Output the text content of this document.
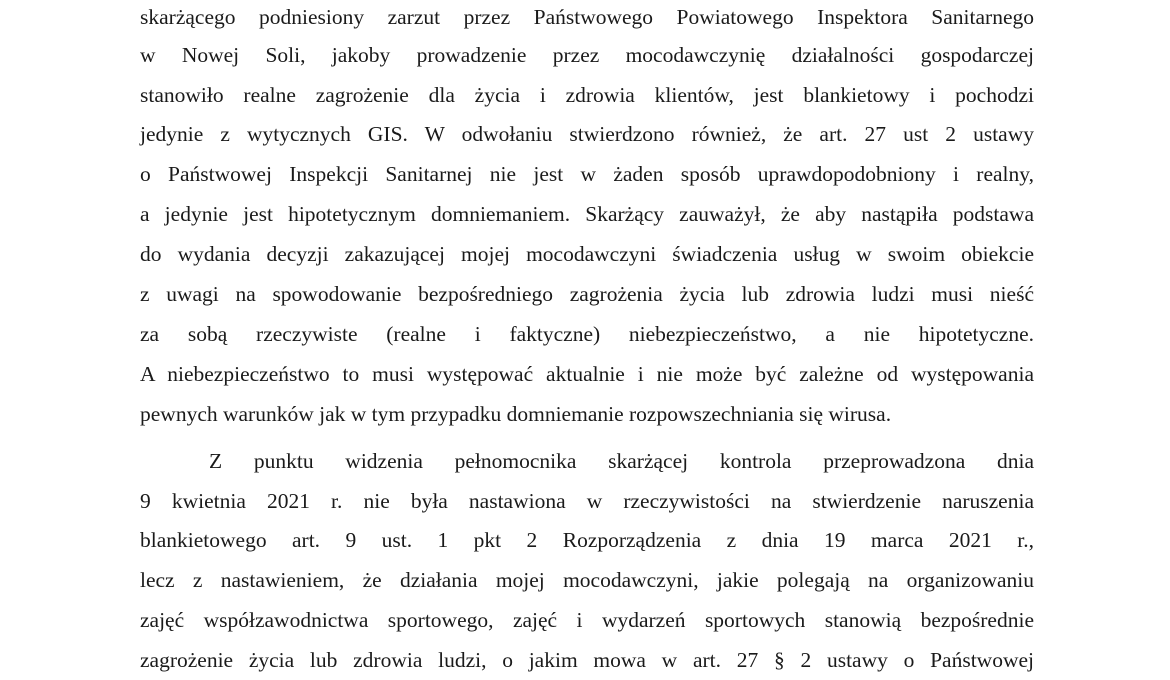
skarżącego podniesiony zarzut przez Państwowego Powiatowego Inspektora Sanitarnego
w Nowej Soli, jakoby prowadzenie przez mocodawczynię działalności gospodarczej
stanowiło realne zagrożenie dla życia i zdrowia klientów, jest blankietowy i pochodzi
jedynie z wytycznych GIS. W odwołaniu stwierdzono również, że art. 27 ust 2 ustawy
o Państwowej Inspekcji Sanitarnej nie jest w żaden sposób uprawdopodobniony i realny,
a jedynie jest hipotetycznym domniemaniem. Skarżący zauważył, że aby nastąpiła podstawa
do wydania decyzji zakazującej mojej mocodawczyni świadczenia usług w swoim obiekcie
z uwagi na spowodowanie bezpośredniego zagrożenia życia lub zdrowia ludzi musi nieść
za sobą rzeczywiste (realne i faktyczne) niebezpieczeństwo, a nie hipotetyczne.
A niebezpieczeństwo to musi występować aktualnie i nie może być zależne od występowania
pewnych warunków jak w tym przypadku domniemanie rozpowszechniania się wirusa.
Z punktu widzenia pełnomocnika skarżącej kontrola przeprowadzona dnia
9 kwietnia 2021 r. nie była nastawiona w rzeczywistości na stwierdzenie naruszenia
blankietowego art. 9 ust. 1 pkt 2 Rozporządzenia z dnia 19 marca 2021 r.,
lecz z nastawieniem, że działania mojej mocodawczyni, jakie polegają na organizowaniu
zajęć współzawodnictwa sportowego, zajęć i wydarzeń sportowych stanowią bezpośrednie
zagrożenie życia lub zdrowia ludzi, o jakim mowa w art. 27 § 2 ustawy o Państwowej
